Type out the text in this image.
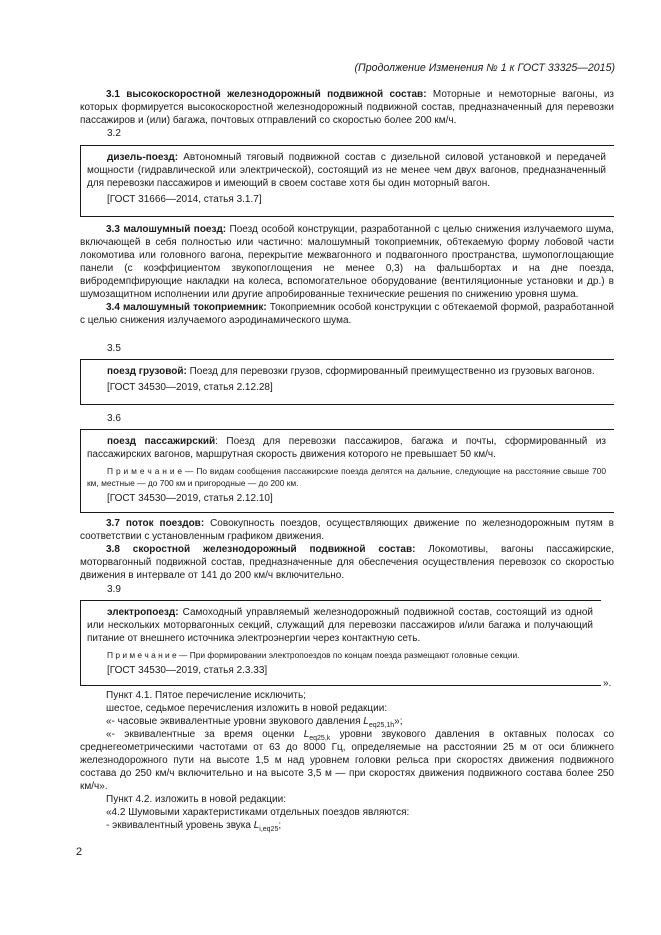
(Продолжение Изменения № 1 к ГОСТ 33325—2015)

3.1 высокоскоростной железнодорожный подвижной состав: Моторные и немоторные вагоны, из которых формируется высокоскоростной железнодорожный подвижной состав, предназначенный для перевозки пассажиров и (или) багажа, почтовых отправлений со скоростью более 200 км/ч.

3.2

дизель-поезд: Автономный тяговый подвижной состав с дизельной силовой установкой и передачей мощности (гидравлической или электрической), состоящий из не менее чем двух вагонов, предназначенный для перевозки пассажиров и имеющий в своем составе хотя бы один моторный вагон.

[ГОСТ 31666—2014, статья 3.1.7]

3.3 малошумный поезд: Поезд особой конструкции, разработанной с целью снижения излучаемого шума, включающей в себя полностью или частично: малошумный токоприемник, обтекаемую форму лобовой части локомотива или головного вагона, перекрытие межвагонного и подвагонного пространства, шумопоглощающие панели (с коэффициентом звукопоглощения не менее 0,3) на фальшбортах и на дне поезда, вибродемпфирующие накладки на колеса, вспомогательное оборудование (вентиляционные установки и др.) в шумозащитном исполнении или другие апробированные технические решения по снижению уровня шума.

3.4 малошумный токоприемник: Токоприемник особой конструкции с обтекаемой формой, разработанной с целью снижения излучаемого аэродинамического шума.

3.5

поезд грузовой: Поезд для перевозки грузов, сформированный преимущественно из грузовых вагонов.

[ГОСТ 34530—2019, статья 2.12.28]

3.6

поезд пассажирский: Поезд для перевозки пассажиров, багажа и почты, сформированный из пассажирских вагонов, маршрутная скорость движения которого не превышает 50 км/ч.

П р и м е ч а н и е — По видам сообщения пассажирские поезда делятся на дальние, следующие на расстояние свыше 700 км, местные — до 700 км и пригородные — до 200 км.

[ГОСТ 34530—2019, статья 2.12.10]

3.7 поток поездов: Совокупность поездов, осуществляющих движение по железнодорожным путям в соответствии с установленным графиком движения.

3.8 скоростной железнодорожный подвижной состав: Локомотивы, вагоны пассажирские, моторвагонный подвижной состав, предназначенные для обеспечения осуществления перевозок со скоростью движения в интервале от 141 до 200 км/ч включительно.

3.9

электропоезд: Самоходный управляемый железнодорожный подвижной состав, состоящий из одной или нескольких моторвагонных секций, служащий для перевозки пассажиров и/или багажа и получающий питание от внешнего источника электроэнергии через контактную сеть.

П р и м е ч а н и е — При формировании электропоездов по концам поезда размещают головные секции.

[ГОСТ 34530—2019, статья 2.3.33]

».

Пункт 4.1. Пятое перечисление исключить;

шестое, седьмое перечисления изложить в новой редакции:

«- часовые эквивалентные уровни звукового давления $L_{eq25,1h}$»;

«- эквивалентные за время оценки $L_{eq25,k}$ уровни звукового давления в октавных полосах со среднегеометрическими частотами от 63 до 8000 Гц, определяемые на расстоянии 25 м от оси ближнего железнодорожного пути на высоте 1,5 м над уровнем головки рельса при скоростях движения подвижного состава до 250 км/ч включительно и на высоте 3,5 м — при скоростях движения подвижного состава более 250 км/ч».

Пункт 4.2. изложить в новой редакции:

«4.2 Шумовыми характеристиками отдельных поездов являются:

- эквивалентный уровень звука $L_{i,eq25}$;

2
